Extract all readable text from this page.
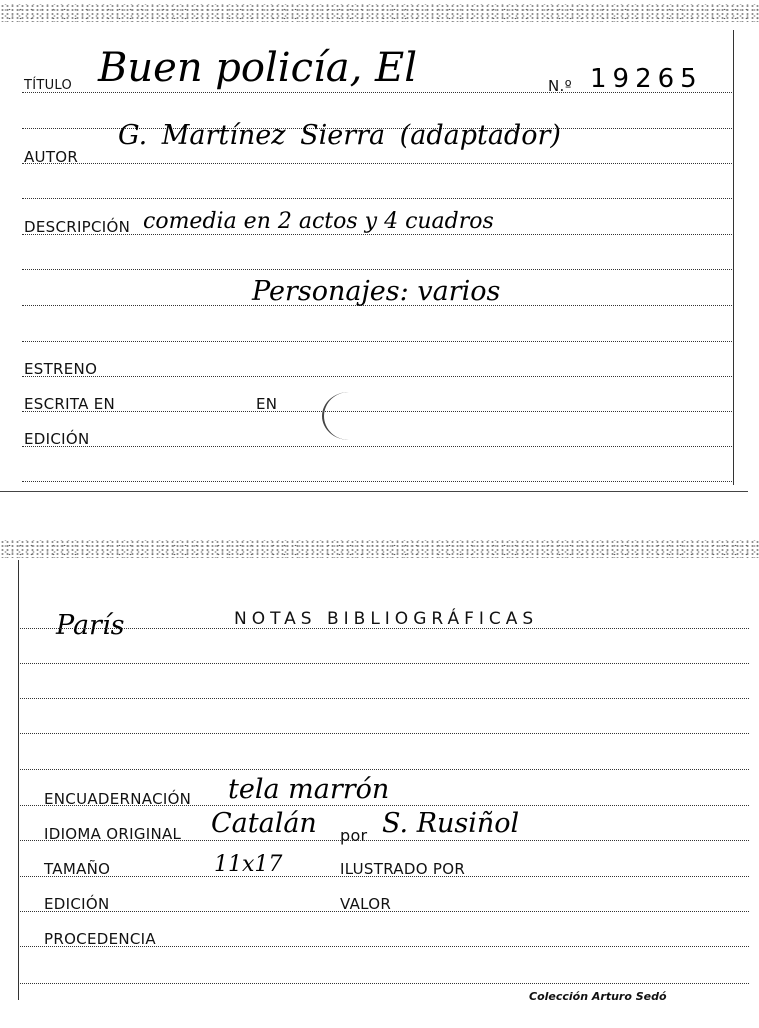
TÍTULO Buen policía, El	N.º 19265
AUTOR
G. Martínez Sierra (adaptador)
DESCRIPCIÓN comedia en 2 actos y 4 cuadros
Personajes: varios
ESTRENO
ESCRITA EN	EN
EDICIÓN
NOTAS BIBLIOGRÁFICAS
París
ENCUADERNACIÓN tela marrón
IDIOMA ORIGINAL Catalán por S. Rusiñol
TAMAÑO	11x17	ILUSTRADO POR
EDICIÓN	VALOR
PROCEDENCIA
Colección Arturo Sedó
